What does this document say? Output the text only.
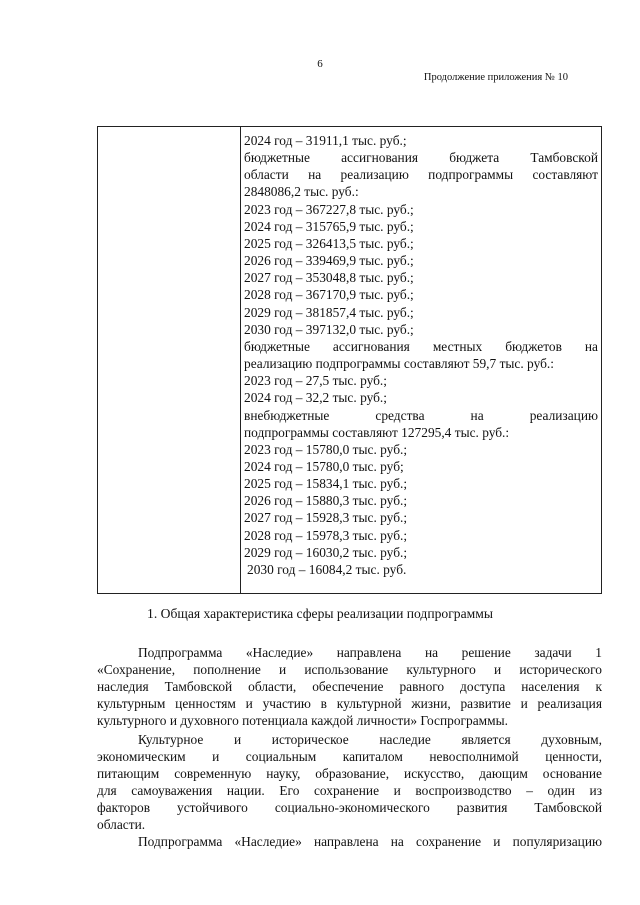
6
Продолжение приложения № 10
2024 год – 31911,1 тыс. руб.;
бюджетные ассигнования бюджета Тамбовской
области на реализацию подпрограммы составляют
2848086,2 тыс. руб.:
2023 год – 367227,8 тыс. руб.;
2024 год – 315765,9 тыс. руб.;
2025 год – 326413,5 тыс. руб.;
2026 год – 339469,9 тыс. руб.;
2027 год – 353048,8 тыс. руб.;
2028 год – 367170,9 тыс. руб.;
2029 год – 381857,4 тыс. руб.;
2030 год – 397132,0 тыс. руб.;
бюджетные ассигнования местных бюджетов на
реализацию подпрограммы составляют 59,7 тыс. руб.:
2023 год – 27,5 тыс. руб.;
2024 год – 32,2 тыс. руб.;
внебюджетные средства на реализацию
подпрограммы составляют 127295,4 тыс. руб.:
2023 год – 15780,0 тыс. руб.;
2024 год – 15780,0 тыс. руб;
2025 год – 15834,1 тыс. руб.;
2026 год – 15880,3 тыс. руб.;
2027 год – 15928,3 тыс. руб.;
2028 год – 15978,3 тыс. руб.;
2029 год – 16030,2 тыс. руб.;
2030 год – 16084,2 тыс. руб.
1. Общая характеристика сферы реализации подпрограммы
Подпрограмма «Наследие» направлена на решение задачи 1
«Сохранение, пополнение и использование культурного и исторического
наследия Тамбовской области, обеспечение равного доступа населения к
культурным ценностям и участию в культурной жизни, развитие и реализация
культурного и духовного потенциала каждой личности» Госпрограммы.
Культурное и историческое наследие является духовным,
экономическим и социальным капиталом невосполнимой ценности,
питающим современную науку, образование, искусство, дающим основание
для самоуважения нации. Его сохранение и воспроизводство – один из
факторов устойчивого социально-экономического развития Тамбовской
области.
Подпрограмма «Наследие» направлена на сохранение и популяризацию
